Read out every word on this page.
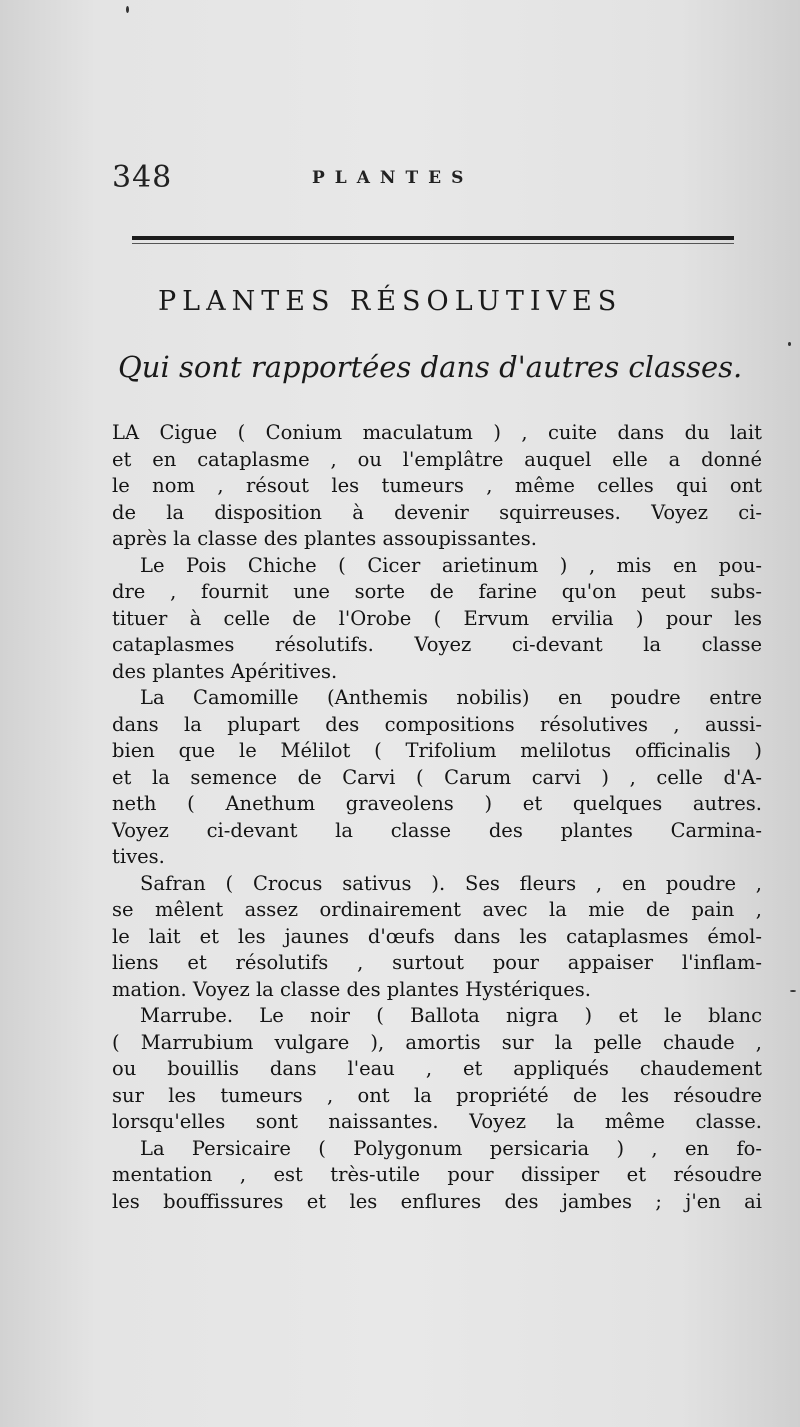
348	PLANTES
PLANTES RÉSOLUTIVES
Qui sont rapportées dans d'autres classes.
LA Cigue ( Conium maculatum ) , cuite dans du lait
et en cataplasme , ou l'emplâtre auquel elle a donné
le nom , résout les tumeurs , même celles qui ont
de la disposition à devenir squirreuses. Voyez ci-
après la classe des plantes assoupissantes.
Le Pois Chiche ( Cicer arietinum ) , mis en pou-
dre , fournit une sorte de farine qu'on peut subs-
tituer à celle de l'Orobe ( Ervum ervilia ) pour les
cataplasmes résolutifs. Voyez ci-devant la classe
des plantes Apéritives.
La Camomille (Anthemis nobilis) en poudre entre
dans la plupart des compositions résolutives , aussi-
bien que le Mélilot ( Trifolium melilotus officinalis )
et la semence de Carvi ( Carum carvi ) , celle d'A-
neth ( Anethum graveolens ) et quelques autres.
Voyez ci-devant la classe des plantes Carmina-
tives.
Safran ( Crocus sativus ). Ses fleurs , en poudre ,
se mêlent assez ordinairement avec la mie de pain ,
le lait et les jaunes d'œufs dans les cataplasmes émol-
liens et résolutifs , surtout pour appaiser l'inflam-
mation. Voyez la classe des plantes Hystériques.
Marrube. Le noir ( Ballota nigra ) et le blanc
( Marrubium vulgare ), amortis sur la pelle chaude ,
ou bouillis dans l'eau , et appliqués chaudement
sur les tumeurs , ont la propriété de les résoudre
lorsqu'elles sont naissantes. Voyez la même classe.
La Persicaire ( Polygonum persicaria ) , en fo-
mentation , est très-utile pour dissiper et résoudre
les bouffissures et les enflures des jambes ; j'en ai
